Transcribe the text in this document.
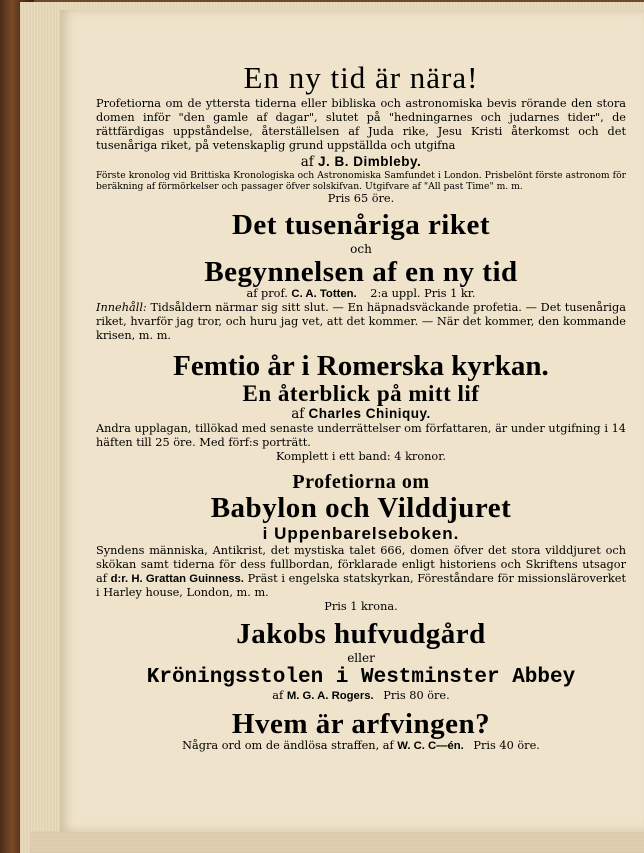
En ny tid är nära!

Profetiorna om de yttersta tiderna eller bibliska och astronomiska bevis rörande den stora domen inför "den gamle af dagar", slutet på "hedningarnes och judarnes tider", de rättfärdigas uppståndelse, återställelsen af Juda rike, Jesu Kristi återkomst och det tusenåriga riket, på vetenskaplig grund uppställda och utgifna

af J. B. Dimbleby.

Förste kronolog vid Brittiska Kronologiska och Astronomiska Samfundet i London. Prisbelönt förste astronom för beräkning af förmörkelser och passager öfver solskifvan. Utgifvare af "All past Time" m. m.

Pris 65 öre.

Det tusenåriga riket

och

Begynnelsen af en ny tid

af prof. C. A. Totten. 2:a uppl. Pris 1 kr.

Innehåll: Tidsåldern närmar sig sitt slut. — En häpnadsväckande profetia. — Det tusenåriga riket, hvarför jag tror, och huru jag vet, att det kommer. — När det kommer, den kommande krisen, m. m.

Femtio år i Romerska kyrkan.
En återblick på mitt lif

af Charles Chiniquy.

Andra upplagan, tillökad med senaste underrättelser om författaren, är under utgifning i 14 häften till 25 öre. Med förf:s porträtt.

Komplett i ett band: 4 kronor.

Profetiorna om
Babylon och Vilddjuret
i Uppenbarelseboken.

Syndens människa, Antikrist, det mystiska talet 666, domen öfver det stora vilddjuret och skökan samt tiderna för dess fullbordan, förklarade enligt historiens och Skriftens utsagor af d:r. H. Grattan Guinness. Präst i engelska statskyrkan, Föreståndare för missionsläroverket i Harley house, London, m. m.

Pris 1 krona.

Jakobs hufvudgård

eller

Kröningsstolen i Westminster Abbey

af M. G. A. Rogers. Pris 80 öre.

Hvem är arfvingen?

Några ord om de ändlösa straffen, af W. C. C—én. Pris 40 öre.
